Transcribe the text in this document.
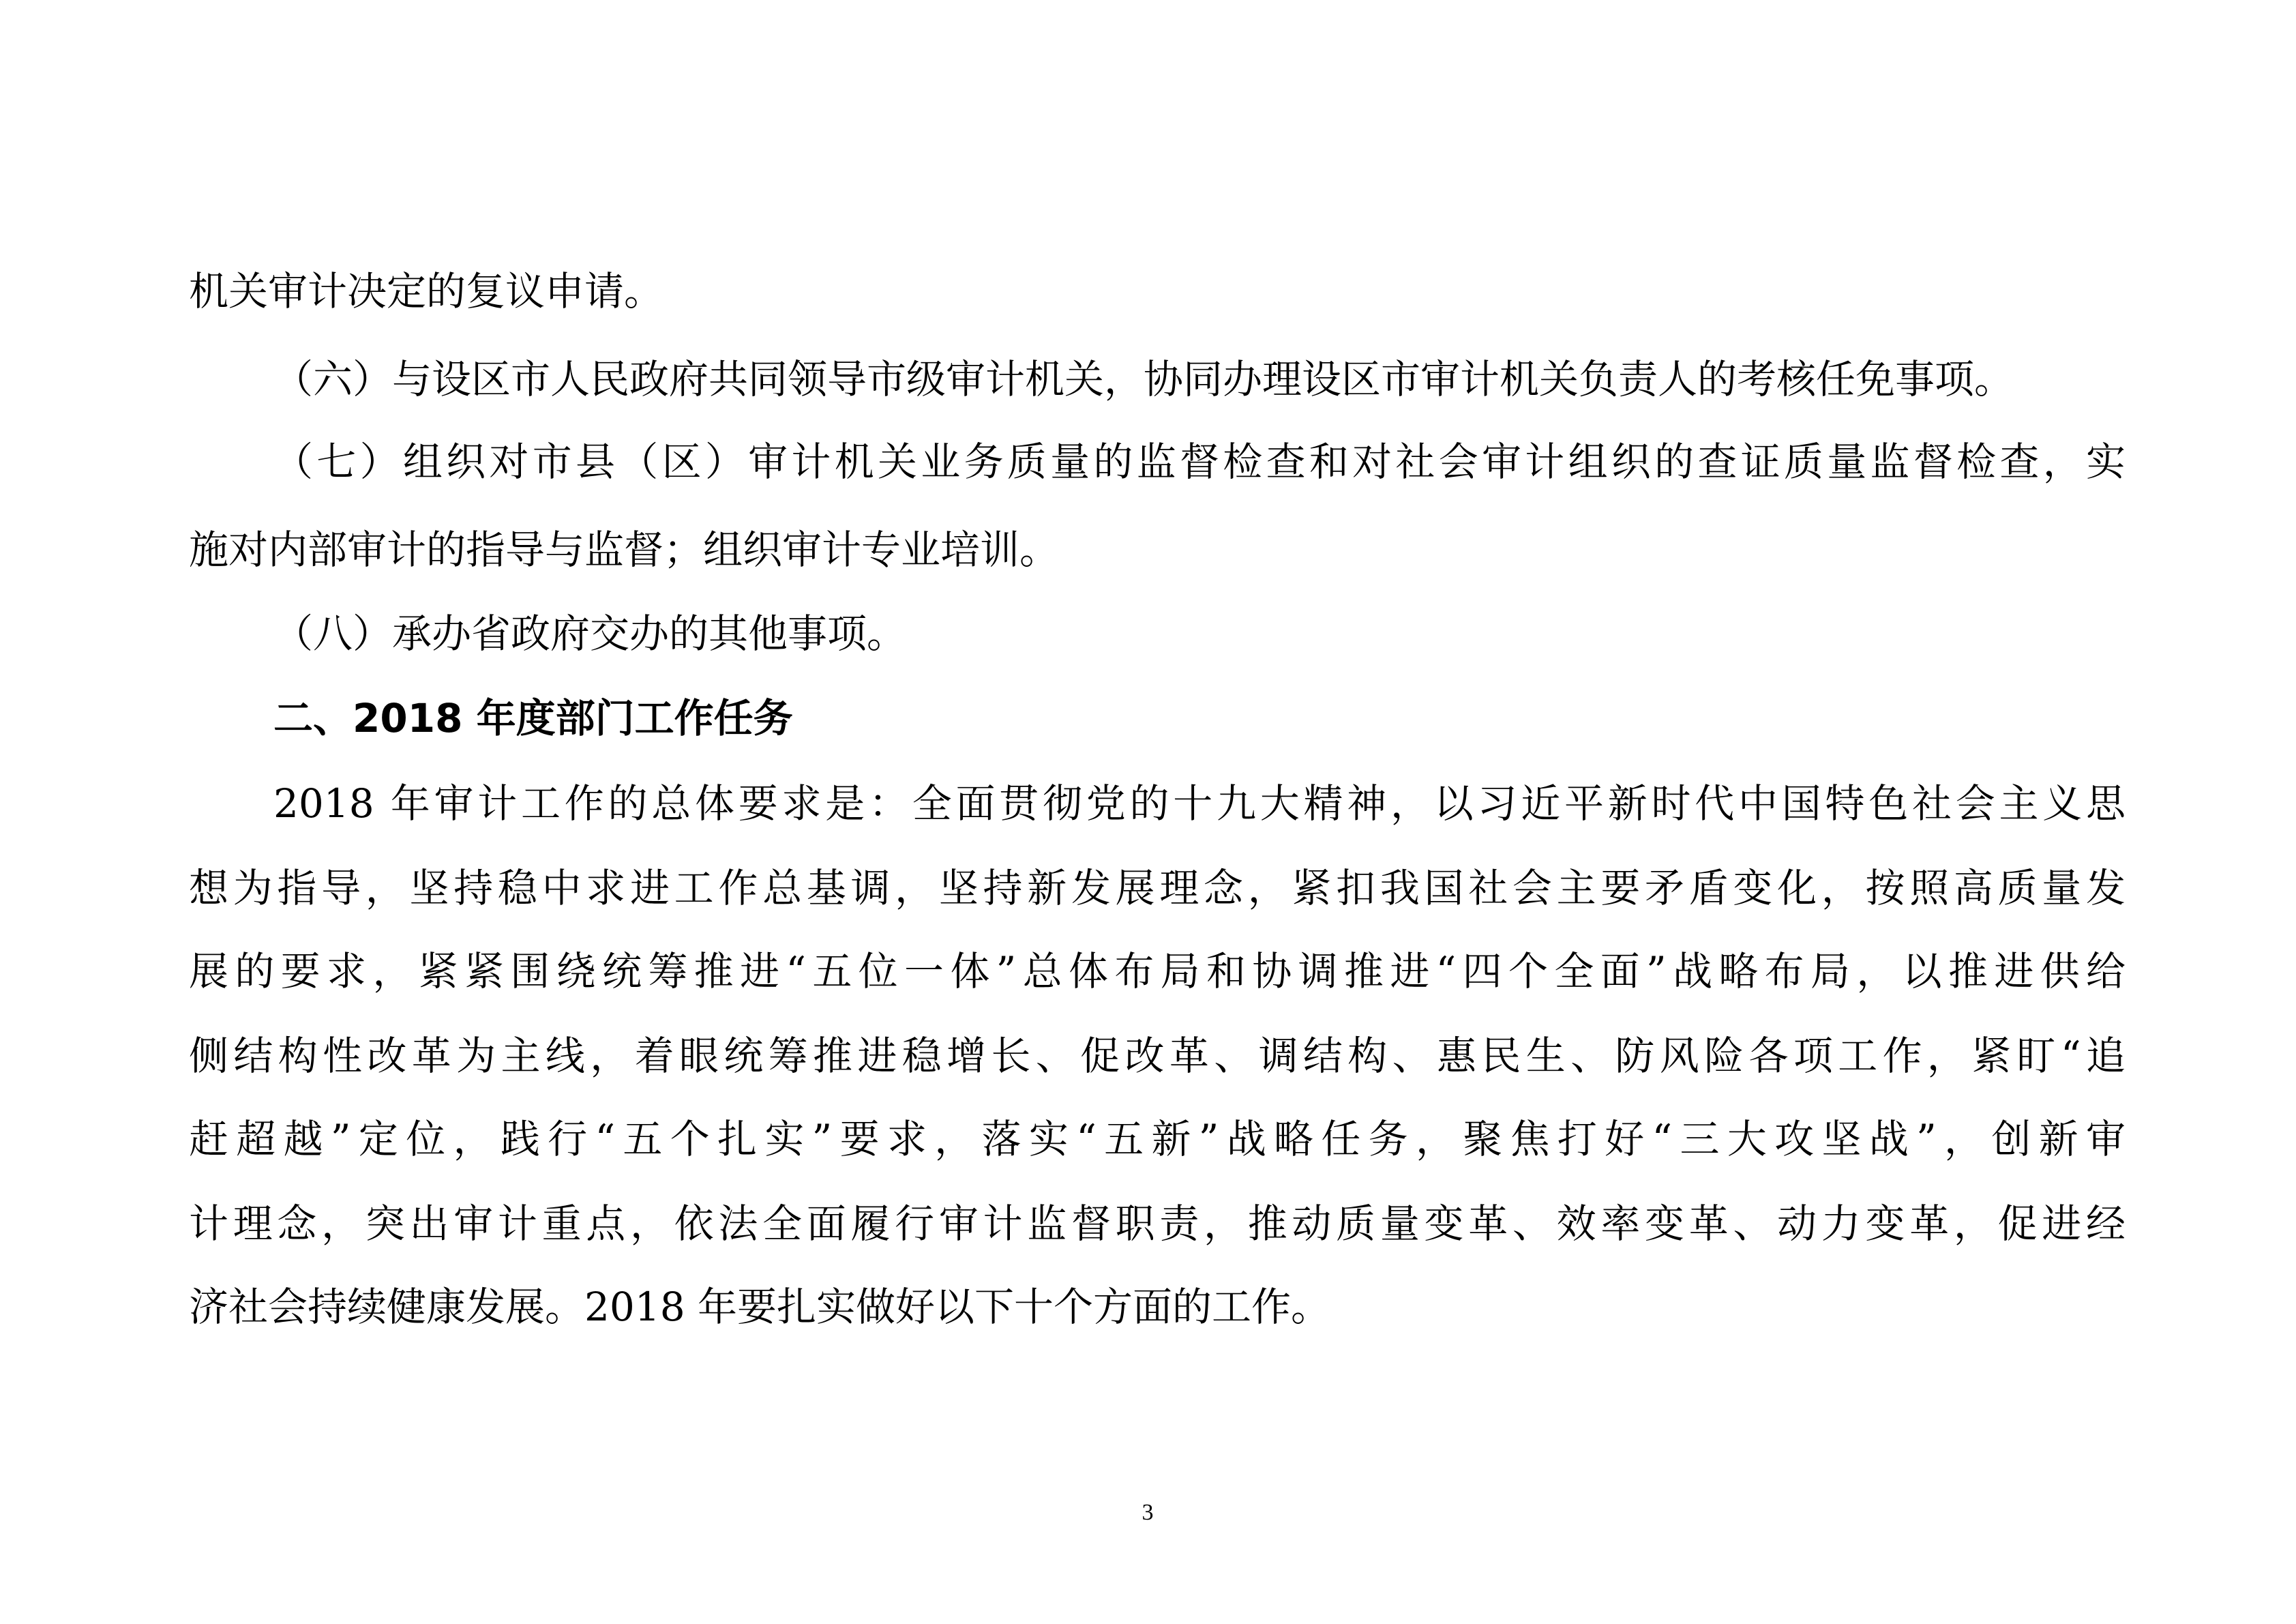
机关审计决定的复议申请。

（六）与设区市人民政府共同领导市级审计机关，协同办理设区市审计机关负责人的考核任免事项。

（七）组织对市县（区）审计机关业务质量的监督检查和对社会审计组织的查证质量监督检查，实

施对内部审计的指导与监督；组织审计专业培训。

（八）承办省政府交办的其他事项。

二、2018 年度部门工作任务

2018 年审计工作的总体要求是：全面贯彻党的十九大精神，以习近平新时代中国特色社会主义思

想为指导，坚持稳中求进工作总基调，坚持新发展理念，紧扣我国社会主要矛盾变化，按照高质量发

展的要求，紧紧围绕统筹推进“五位一体”总体布局和协调推进“四个全面”战略布局，以推进供给

侧结构性改革为主线，着眼统筹推进稳增长、促改革、调结构、惠民生、防风险各项工作，紧盯“追

赶超越”定位，践行“五个扎实”要求，落实“五新”战略任务，聚焦打好“三大攻坚战”，创新审

计理念，突出审计重点，依法全面履行审计监督职责，推动质量变革、效率变革、动力变革，促进经

济社会持续健康发展。2018 年要扎实做好以下十个方面的工作。

3
